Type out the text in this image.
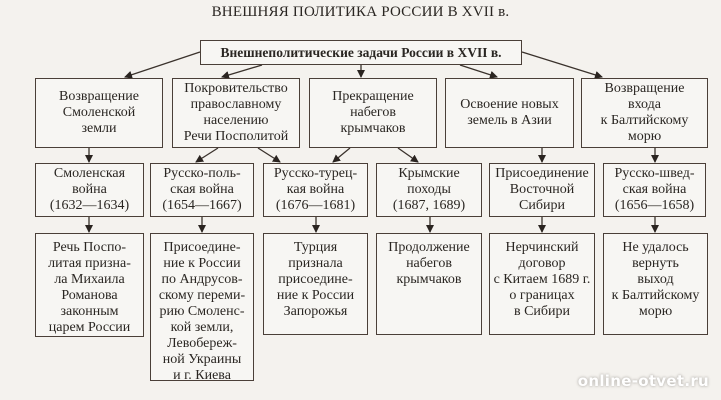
ВНЕШНЯЯ ПОЛИТИКА РОССИИ В XVII в.
Внешнеполитические задачи России в XVII в.
Возвращение
Смоленской
земли
Покровительство
православному
населению
Речи Посполитой
Прекращение
набегов
крымчаков
Освоение новых
земель в Азии
Возвращение
входа
к Балтийскому
морю
Смоленская
война
(1632—1634)
Русско-поль-
ская война
(1654—1667)
Русско-турец-
кая война
(1676—1681)
Крымские
походы
(1687, 1689)
Присоединение
Восточной
Сибири
Русско-швед-
ская война
(1656—1658)
Речь Поспо-
литая призна-
ла Михаила
Романова
законным
царем России
Присоедине-
ние к России
по Андрусов-
скому переми-
рию Смоленс-
кой земли,
Левобереж-
ной Украины
и г. Киева
Турция
признала
присоедине-
ние к России
Запорожья
Продолжение
набегов
крымчаков
Нерчинский
договор
с Китаем 1689 г.
о границах
в Сибири
Не удалось
вернуть
выход
к Балтийскому
морю
online-otvet.ru
